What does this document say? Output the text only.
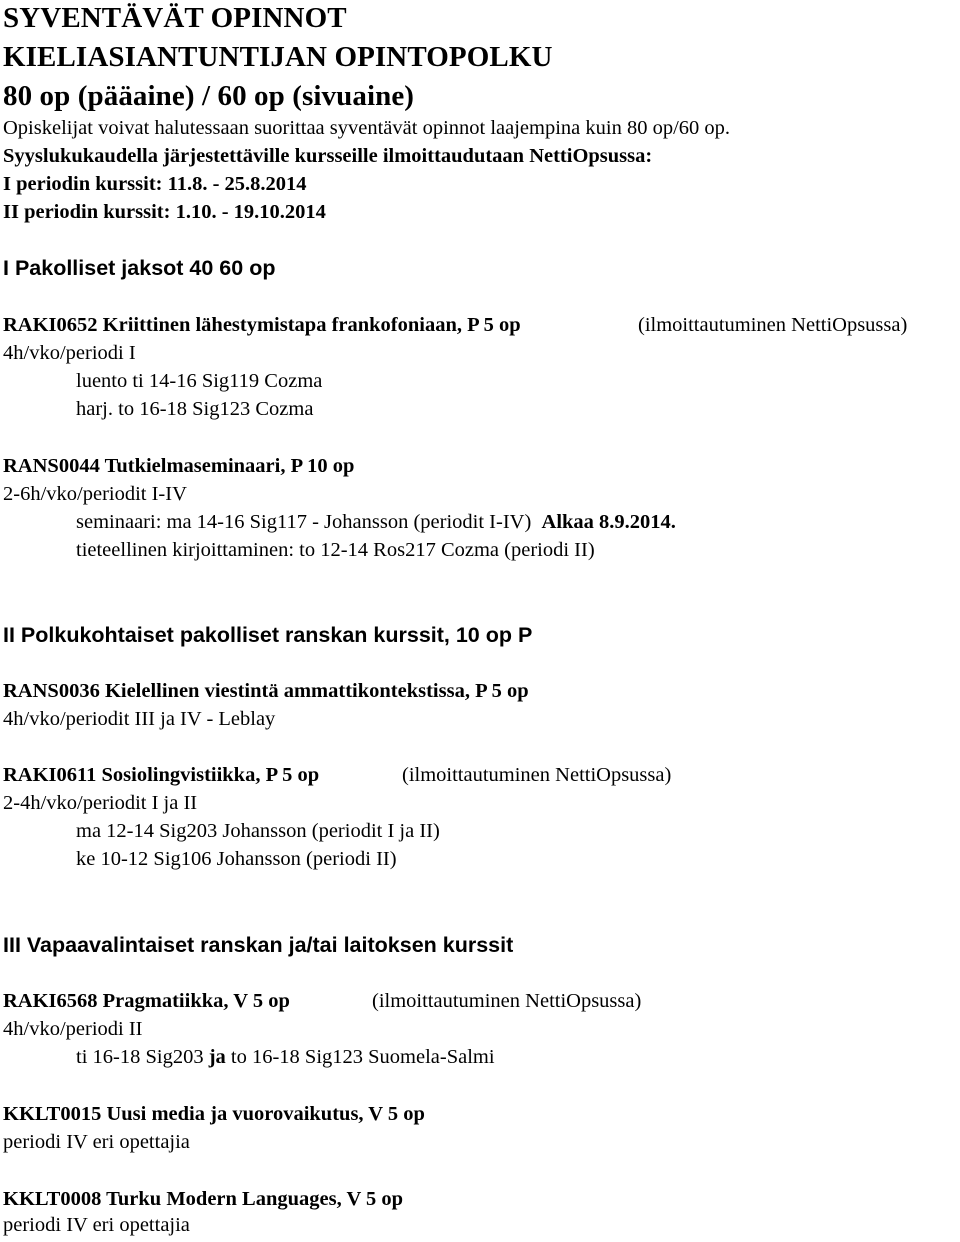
SYVENTÄVÄT OPINNOT
KIELIASIANTUNTIJAN OPINTOPOLKU
80 op (pääaine) / 60 op (sivuaine)
Opiskelijat voivat halutessaan suorittaa syventävät opinnot laajempina kuin 80 op/60 op.
Syyslukukaudella järjestettäville kursseille ilmoittaudutaan NettiOpsussa:
I periodin kurssit: 11.8. - 25.8.2014
II periodin kurssit: 1.10. - 19.10.2014
I Pakolliset jaksot 40 60 op
RAKI0652 Kriittinen lähestymistapa frankofoniaan, P 5 op	(ilmoittautuminen NettiOpsussa)
4h/vko/periodi I
luento ti 14-16 Sig119 Cozma
harj. to 16-18 Sig123 Cozma
RANS0044 Tutkielmaseminaari, P 10 op
2-6h/vko/periodit I-IV
seminaari: ma 14-16 Sig117 - Johansson (periodit I-IV) Alkaa 8.9.2014.
tieteellinen kirjoittaminen: to 12-14 Ros217 Cozma (periodi II)
II Polkukohtaiset pakolliset ranskan kurssit, 10 op P
RANS0036 Kielellinen viestintä ammattikontekstissa, P 5 op
4h/vko/periodit III ja IV - Leblay
RAKI0611 Sosiolingvistiikka, P 5 op	(ilmoittautuminen NettiOpsussa)
2-4h/vko/periodit I ja II
ma 12-14 Sig203 Johansson (periodit I ja II)
ke 10-12 Sig106 Johansson (periodi II)
III Vapaavalintaiset ranskan ja/tai laitoksen kurssit
RAKI6568 Pragmatiikka, V 5 op	(ilmoittautuminen NettiOpsussa)
4h/vko/periodi II
ti 16-18 Sig203 ja to 16-18 Sig123 Suomela-Salmi
KKLT0015 Uusi media ja vuorovaikutus, V 5 op
periodi IV eri opettajia
KKLT0008 Turku Modern Languages, V 5 op
periodi IV eri opettajia
